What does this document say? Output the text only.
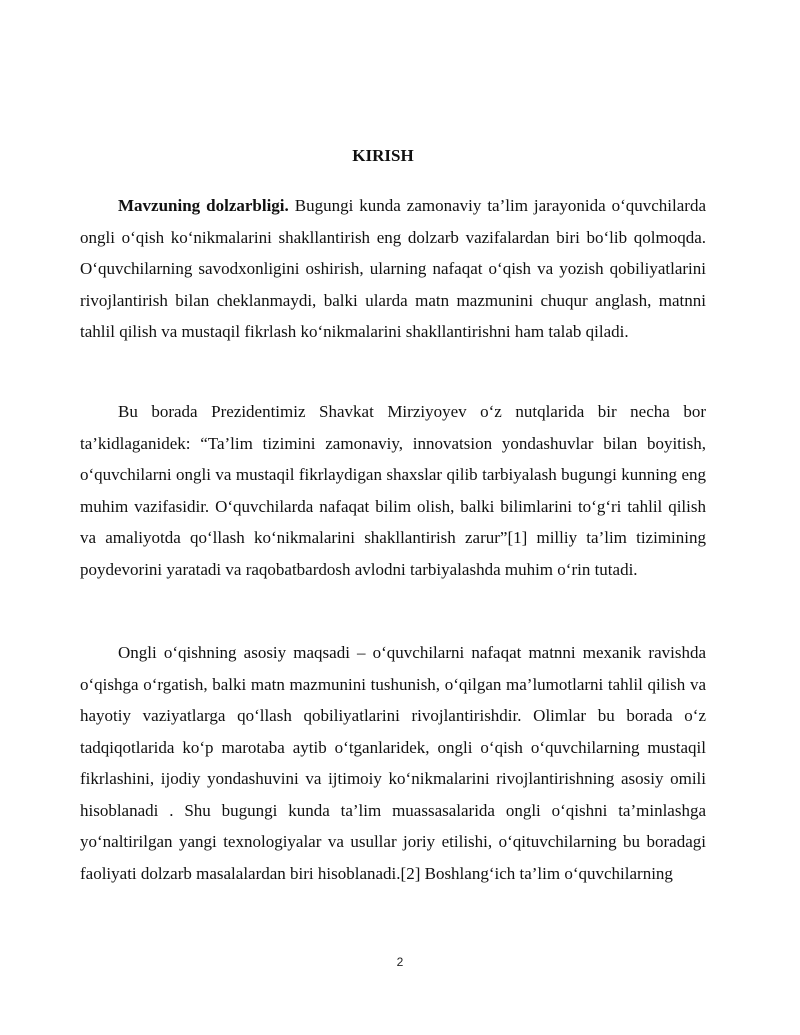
KIRISH

Mavzuning dolzarbligi. Bugungi kunda zamonaviy ta’lim jarayonida o‘quvchilarda ongli o‘qish ko‘nikmalarini shakllantirish eng dolzarb vazifalardan biri bo‘lib qolmoqda. O‘quvchilarning savodxonligini oshirish, ularning nafaqat o‘qish va yozish qobiliyatlarini rivojlantirish bilan cheklanmaydi, balki ularda matn mazmunini chuqur anglash, matnni tahlil qilish va mustaqil fikrlash ko‘nikmalarini shakllantirishni ham talab qiladi.

Bu borada Prezidentimiz Shavkat Mirziyoyev o‘z nutqlarida bir necha bor ta’kidlaganidek: “Ta’lim tizimini zamonaviy, innovatsion yondashuvlar bilan boyitish, o‘quvchilarni ongli va mustaqil fikrlaydigan shaxslar qilib tarbiyalash bugungi kunning eng muhim vazifasidir. O‘quvchilarda nafaqat bilim olish, balki bilimlarini to‘g‘ri tahlil qilish va amaliyotda qo‘llash ko‘nikmalarini shakllantirish zarur”[1] milliy ta’lim tizimining poydevorini yaratadi va raqobatbardosh avlodni tarbiyalashda muhim o‘rin tutadi.

Ongli o‘qishning asosiy maqsadi – o‘quvchilarni nafaqat matnni mexanik ravishda o‘qishga o‘rgatish, balki matn mazmunini tushunish, o‘qilgan ma’lumotlarni tahlil qilish va hayotiy vaziyatlarga qo‘llash qobiliyatlarini rivojlantirishdir. Olimlar bu borada o‘z tadqiqotlarida ko‘p marotaba aytib o‘tganlaridek, ongli o‘qish o‘quvchilarning mustaqil fikrlashini, ijodiy yondashuvini va ijtimoiy ko‘nikmalarini rivojlantirishning asosiy omili hisoblanadi . Shu bugungi kunda ta’lim muassasalarida ongli o‘qishni ta’minlashga yo‘naltirilgan yangi texnologiyalar va usullar joriy etilishi, o‘qituvchilarning bu boradagi faoliyati dolzarb masalalardan biri hisoblanadi.[2] Boshlang‘ich ta’lim o‘quvchilarning

2
